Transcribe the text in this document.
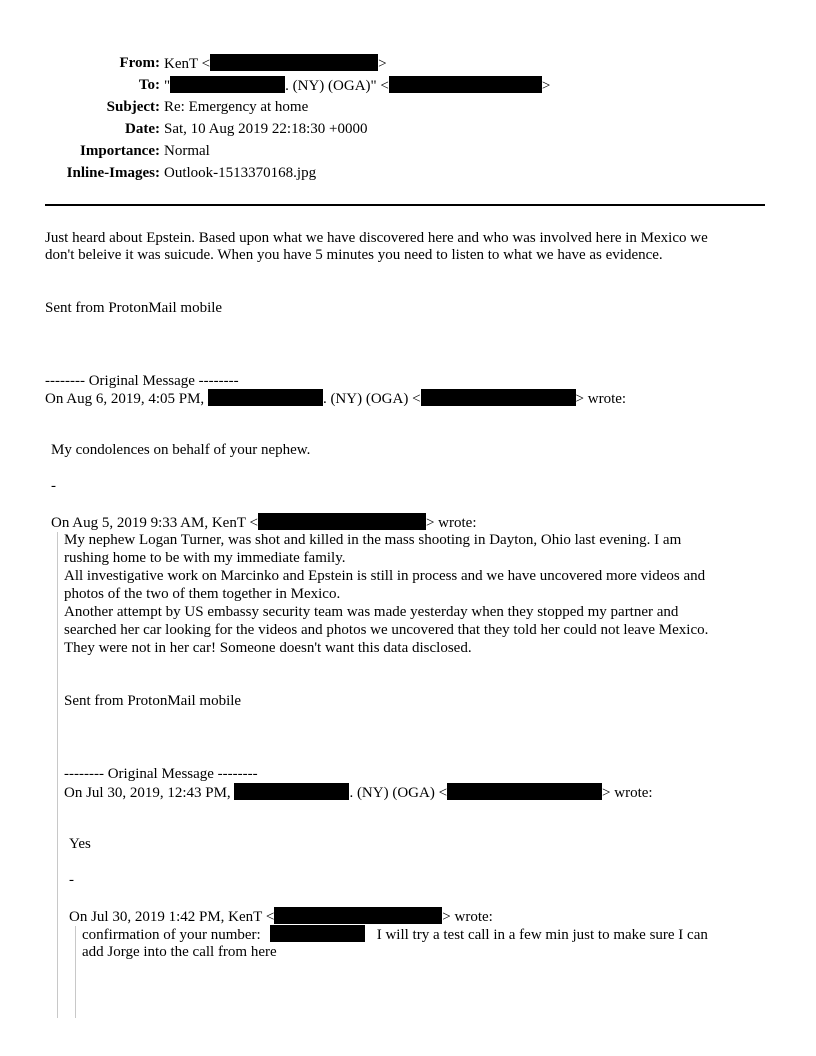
From: KenT <	>
To: "	. (NY) (OGA)" <	>
Subject: Re: Emergency at home
Date: Sat, 10 Aug 2019 22:18:30 +0000
Importance: Normal
Inline-Images: Outlook-1513370168.jpg
Just heard about Epstein. Based upon what we have discovered here and who was involved here in Mexico we
don't beleive it was suicude. When you have 5 minutes you need to listen to what we have as evidence.
Sent from ProtonMail mobile
-------- Original Message --------
On Aug 6, 2019, 4:05 PM,	. (NY) (OGA) <	> wrote:
My condolences on behalf of your nephew.
-
On Aug 5, 2019 9:33 AM, KenT <	> wrote:
My nephew Logan Turner, was shot and killed in the mass shooting in Dayton, Ohio last evening. I am
rushing home to be with my immediate family.
All investigative work on Marcinko and Epstein is still in process and we have uncovered more videos and
photos of the two of them together in Mexico.
Another attempt by US embassy security team was made yesterday when they stopped my partner and
searched her car looking for the videos and photos we uncovered that they told her could not leave Mexico.
They were not in her car! Someone doesn't want this data disclosed.
Sent from ProtonMail mobile
-------- Original Message --------
On Jul 30, 2019, 12:43 PM,	. (NY) (OGA) <	> wrote:
Yes
-
On Jul 30, 2019 1:42 PM, KenT <	> wrote:
confirmation of your number:	I will try a test call in a few min just to make sure I can
add Jorge into the call from here
